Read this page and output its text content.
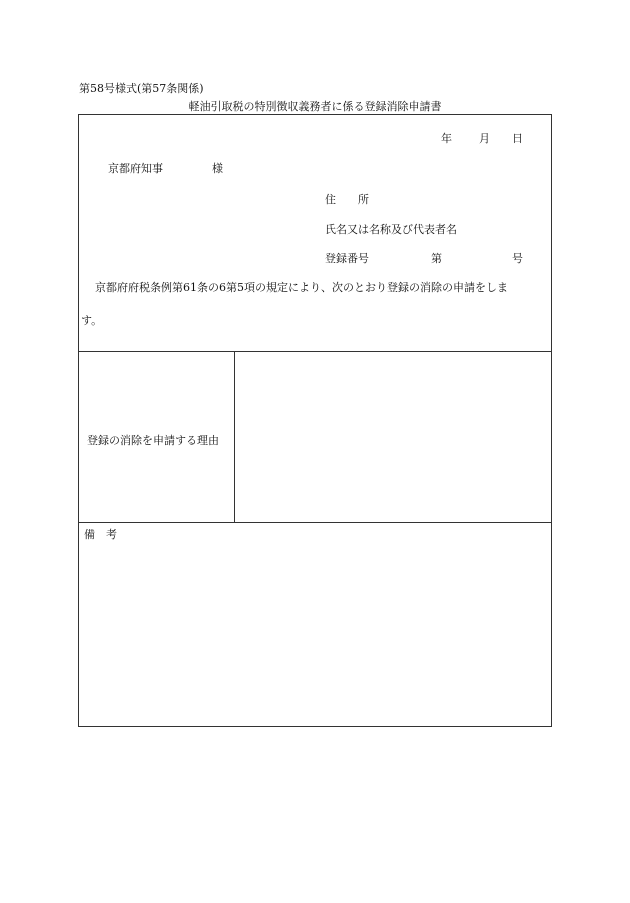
第58号様式(第57条関係)
軽油引取税の特別徴収義務者に係る登録消除申請書
年 月 日
京都府知事	様
住　　所
氏名又は名称及び代表者名
登録番号	第	号
京都府府税条例第61条の6第5項の規定により、次のとおり登録の消除の申請をしま
す。
登録の消除を申請する理由
備　考
